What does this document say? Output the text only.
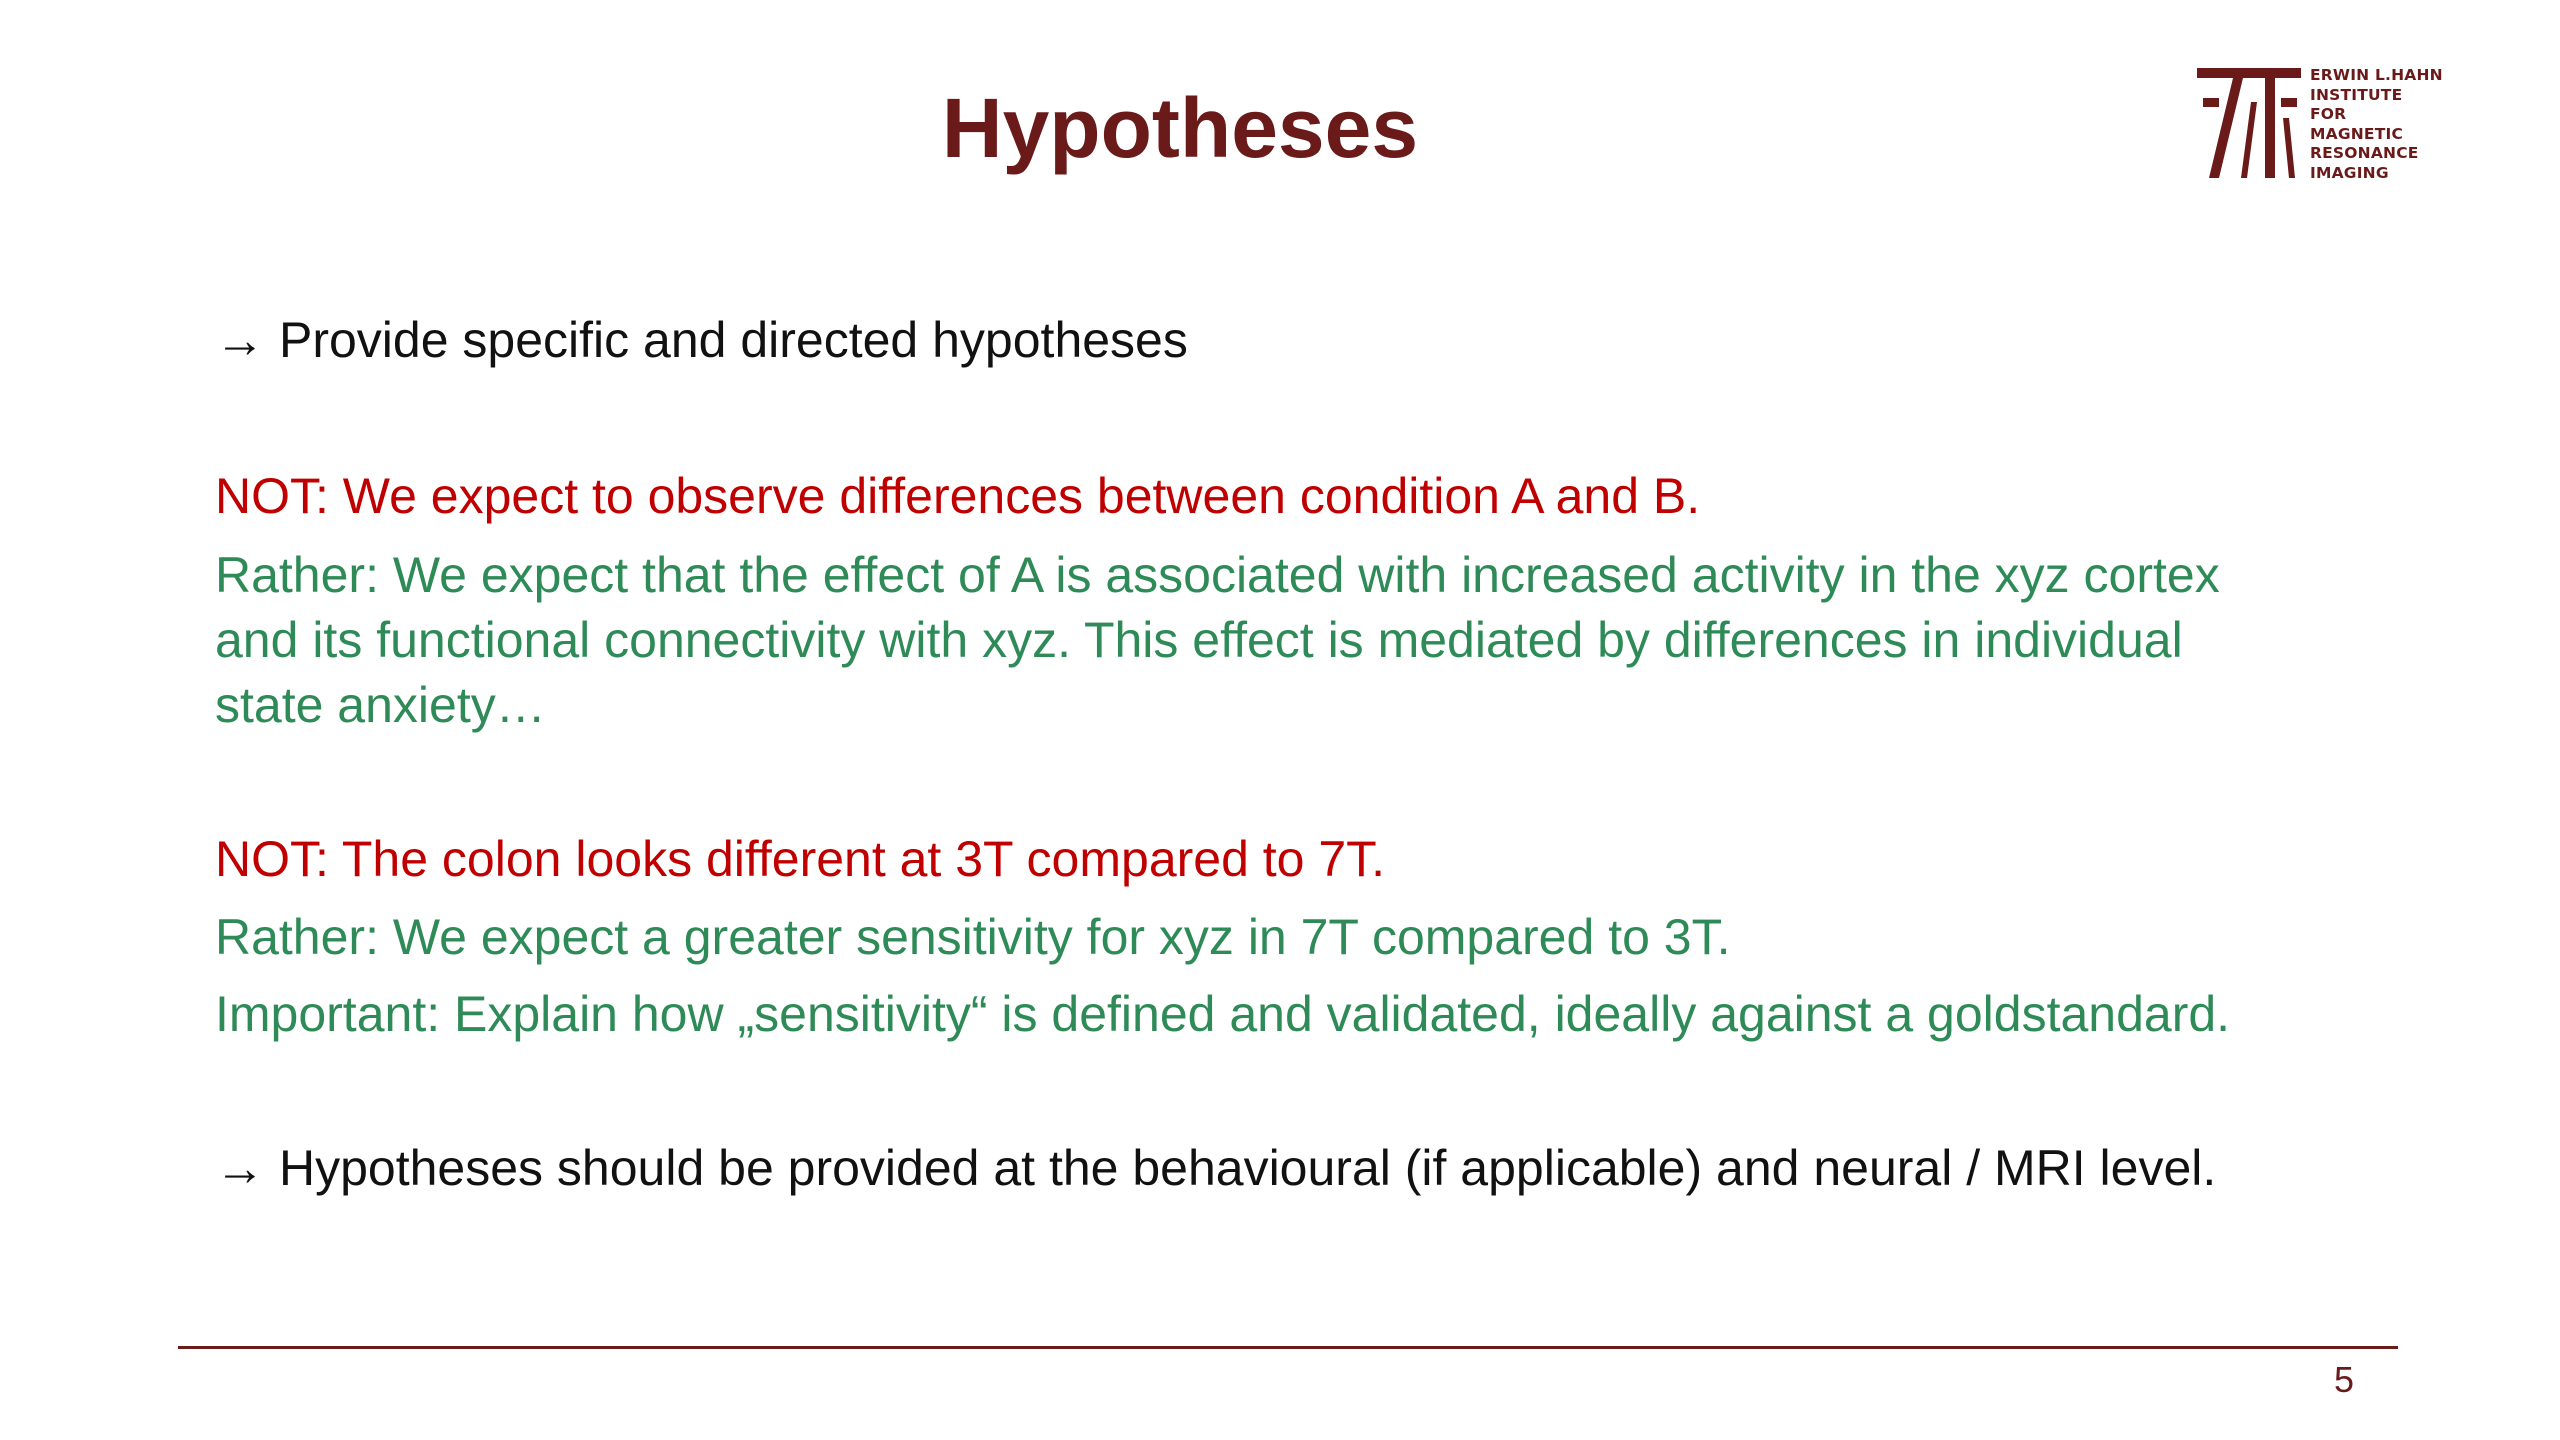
Hypotheses
ERWIN L.HAHN
INSTITUTE
FOR
MAGNETIC
RESONANCE
IMAGING
→ Provide specific and directed hypotheses
NOT: We expect to observe differences between condition A and B.
Rather: We expect that the effect of A is associated with increased activity in the xyz cortex
and its functional connectivity with xyz. This effect is mediated by differences in individual
state anxiety…
NOT: The colon looks different at 3T compared to 7T.
Rather: We expect a greater sensitivity for xyz in 7T compared to 3T.
Important: Explain how „sensitivity“ is defined and validated, ideally against a goldstandard.
→ Hypotheses should be provided at the behavioural (if applicable) and neural / MRI level.
5
